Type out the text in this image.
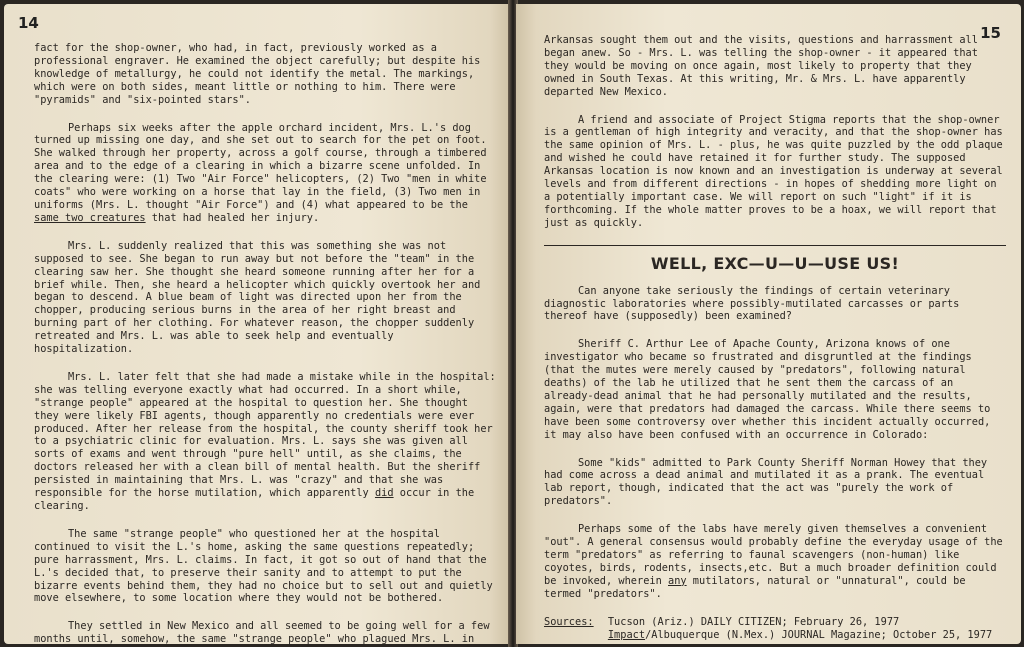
14

fact for the shop-owner, who had, in fact, previously worked as a professional engraver. He examined the object carefully; but despite his knowledge of metallurgy, he could not identify the metal. The markings, which were on both sides, meant little or nothing to him. There were "pyramids" and "six-pointed stars".

Perhaps six weeks after the apple orchard incident, Mrs. L.'s dog turned up missing one day, and she set out to search for the pet on foot. She walked through her property, across a golf course, through a timbered area and to the edge of a clearing in which a bizarre scene unfolded. In the clearing were: (1) Two "Air Force" helicopters, (2) Two "men in white coats" who were working on a horse that lay in the field, (3) Two men in uniforms (Mrs. L. thought "Air Force") and (4) what appeared to be the same two creatures that had healed her injury.

Mrs. L. suddenly realized that this was something she was not supposed to see. She began to run away but not before the "team" in the clearing saw her. She thought she heard someone running after her for a brief while. Then, she heard a helicopter which quickly overtook her and began to descend. A blue beam of light was directed upon her from the chopper, producing serious burns in the area of her right breast and burning part of her clothing. For whatever reason, the chopper suddenly retreated and Mrs. L. was able to seek help and eventually hospitalization.

Mrs. L. later felt that she had made a mistake while in the hospital: she was telling everyone exactly what had occurred. In a short while, "strange people" appeared at the hospital to question her. She thought they were likely FBI agents, though apparently no credentials were ever produced. After her release from the hospital, the county sheriff took her to a psychiatric clinic for evaluation. Mrs. L. says she was given all sorts of exams and went through "pure hell" until, as she claims, the doctors released her with a clean bill of mental health. But the sheriff persisted in maintaining that Mrs. L. was "crazy" and that she was responsible for the horse mutilation, which apparently did occur in the clearing.

The same "strange people" who questioned her at the hospital continued to visit the L.'s home, asking the same questions repeatedly; pure harrassment, Mrs. L. claims. In fact, it got so out of hand that the L.'s decided that, to preserve their sanity and to attempt to put the bizarre events behind them, they had no choice but to sell out and quietly move elsewhere, to some location where they would not be bothered.

They settled in New Mexico and all seemed to be going well for a few months until, somehow, the same "strange people" who plagued Mrs. L. in

15

Arkansas sought them out and the visits, questions and harrassment all began anew. So - Mrs. L. was telling the shop-owner - it appeared that they would be moving on once again, most likely to property that they owned in South Texas. At this writing, Mr. & Mrs. L. have apparently departed New Mexico.

A friend and associate of Project Stigma reports that the shop-owner is a gentleman of high integrity and veracity, and that the shop-owner has the same opinion of Mrs. L. - plus, he was quite puzzled by the odd plaque and wished he could have retained it for further study. The supposed Arkansas location is now known and an investigation is underway at several levels and from different directions - in hopes of shedding more light on a potentially important case. We will report on such "light" if it is forthcoming. If the whole matter proves to be a hoax, we will report that just as quickly.

WELL, EXC—U—U—USE US!

Can anyone take seriously the findings of certain veterinary diagnostic laboratories where possibly-mutilated carcasses or parts thereof have (supposedly) been examined?

Sheriff C. Arthur Lee of Apache County, Arizona knows of one investigator who became so frustrated and disgruntled at the findings (that the mutes were merely caused by "predators", following natural deaths) of the lab he utilized that he sent them the carcass of an already-dead animal that he had personally mutilated and the results, again, were that predators had damaged the carcass. While there seems to have been some controversy over whether this incident actually occurred, it may also have been confused with an occurrence in Colorado:

Some "kids" admitted to Park County Sheriff Norman Howey that they had come across a dead animal and mutilated it as a prank. The eventual lab report, though, indicated that the act was "purely the work of predators".

Perhaps some of the labs have merely given themselves a convenient "out". A general consensus would probably define the everyday usage of the term "predators" as referring to faunal scavengers (non-human) like coyotes, birds, rodents, insects,etc. But a much broader definition could be invoked, wherein any mutilators, natural or "unnatural", could be termed "predators".

Sources:	Tucson (Ariz.) DAILY CITIZEN; February 26, 1977
Impact/Albuquerque (N.Mex.) JOURNAL Magazine; October 25, 1977
